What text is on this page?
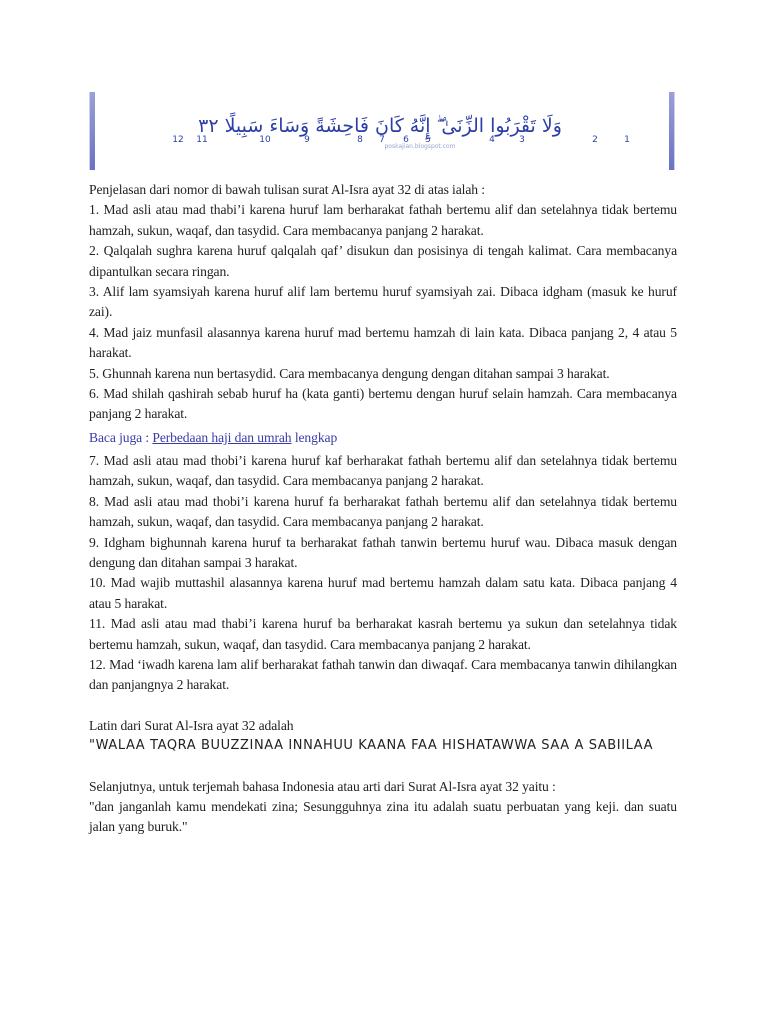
وَلَا تَقْرَبُوا الزِّنَىٰ ۖ إِنَّهُ كَانَ فَاحِشَةً وَسَاءَ سَبِيلًا ٣٢
12 11	10	9	8 7 6 5	4	3	2	1
poskajian.blogspot.com

Penjelasan dari nomor di bawah tulisan surat Al-Isra ayat 32 di atas ialah :

1. Mad asli atau mad thabi’i karena huruf lam berharakat fathah bertemu alif dan setelahnya tidak bertemu hamzah, sukun, waqaf, dan tasydid. Cara membacanya panjang 2 harakat.

2. Qalqalah sughra karena huruf qalqalah qaf’ disukun dan posisinya di tengah kalimat. Cara membacanya dipantulkan secara ringan.

3. Alif lam syamsiyah karena huruf alif lam bertemu huruf syamsiyah zai. Dibaca idgham (masuk ke huruf zai).

4. Mad jaiz munfasil alasannya karena huruf mad bertemu hamzah di lain kata. Dibaca panjang 2, 4 atau 5 harakat.

5. Ghunnah karena nun bertasydid. Cara membacanya dengung dengan ditahan sampai 3 harakat.

6. Mad shilah qashirah sebab huruf ha (kata ganti) bertemu dengan huruf selain hamzah. Cara membacanya panjang 2 harakat.

Baca juga : Perbedaan haji dan umrah lengkap

7. Mad asli atau mad thobi’i karena huruf kaf berharakat fathah bertemu alif dan setelahnya tidak bertemu hamzah, sukun, waqaf, dan tasydid. Cara membacanya panjang 2 harakat.

8. Mad asli atau mad thobi’i karena huruf fa berharakat fathah bertemu alif dan setelahnya tidak bertemu hamzah, sukun, waqaf, dan tasydid. Cara membacanya panjang 2 harakat.

9. Idgham bighunnah karena huruf ta berharakat fathah tanwin bertemu huruf wau. Dibaca masuk dengan dengung dan ditahan sampai 3 harakat.

10. Mad wajib muttashil alasannya karena huruf mad bertemu hamzah dalam satu kata. Dibaca panjang 4 atau 5 harakat.

11. Mad asli atau mad thabi’i karena huruf ba berharakat kasrah bertemu ya sukun dan setelahnya tidak bertemu hamzah, sukun, waqaf, dan tasydid. Cara membacanya panjang 2 harakat.

12. Mad ‘iwadh karena lam alif berharakat fathah tanwin dan diwaqaf. Cara membacanya tanwin dihilangkan dan panjangnya 2 harakat.

Latin dari Surat Al-Isra ayat 32 adalah

"WALAA TAQRA BUUZZINAA INNAHUU KAANA FAA HISHATAWWA SAA A SABIILAA

Selanjutnya, untuk terjemah bahasa Indonesia atau arti dari Surat Al-Isra ayat 32 yaitu :

"dan janganlah kamu mendekati zina; Sesungguhnya zina itu adalah suatu perbuatan yang keji. dan suatu jalan yang buruk."
